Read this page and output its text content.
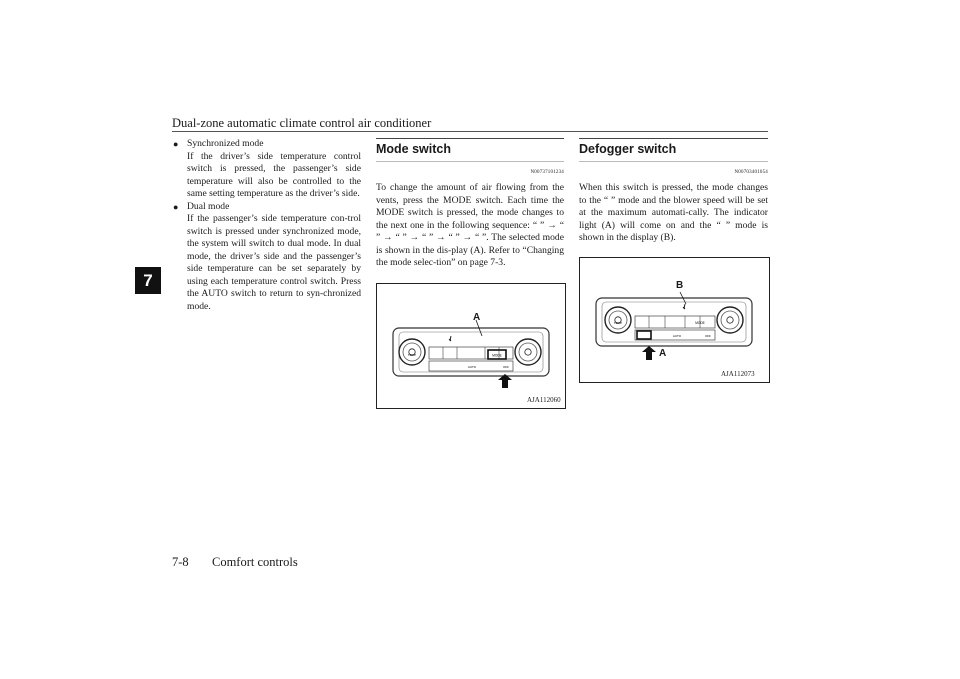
Dual-zone automatic climate control air conditioner
7
● Synchronized mode
If the driver’s side temperature control switch is pressed, the passenger’s side temperature will also be controlled to the same setting temperature as the driver’s side.
● Dual mode
If the passenger’s side temperature con-trol switch is pressed under synchronized mode, the system will switch to dual mode. In dual mode, the driver’s side and the passenger’s side temperature can be set separately by using each temperature control switch. Press the AUTO switch to return to syn-chronized mode.
Mode switch
N00737101234
To change the amount of air flowing from the vents, press the MODE switch. Each time the MODE switch is pressed, the mode changes to the next one in the following sequence: “ ” → “ ” → “ ” → “ ” → “ ” → “ ”. The selected mode is shown in the dis-play (A). Refer to “Changing the mode selec-tion” on page 7-3.
TEMP
AUTO
MODE
OFF
A
AJA112060
Defogger switch
N00703401054
When this switch is pressed, the mode changes to the “ ” mode and the blower speed will be set at the maximum automati-cally. The indicator light (A) will come on and the “ ” mode is shown in the display (B).
TEMP
AUTO
MODE
OFF
B
A
AJA112073
7-8 Comfort controls
